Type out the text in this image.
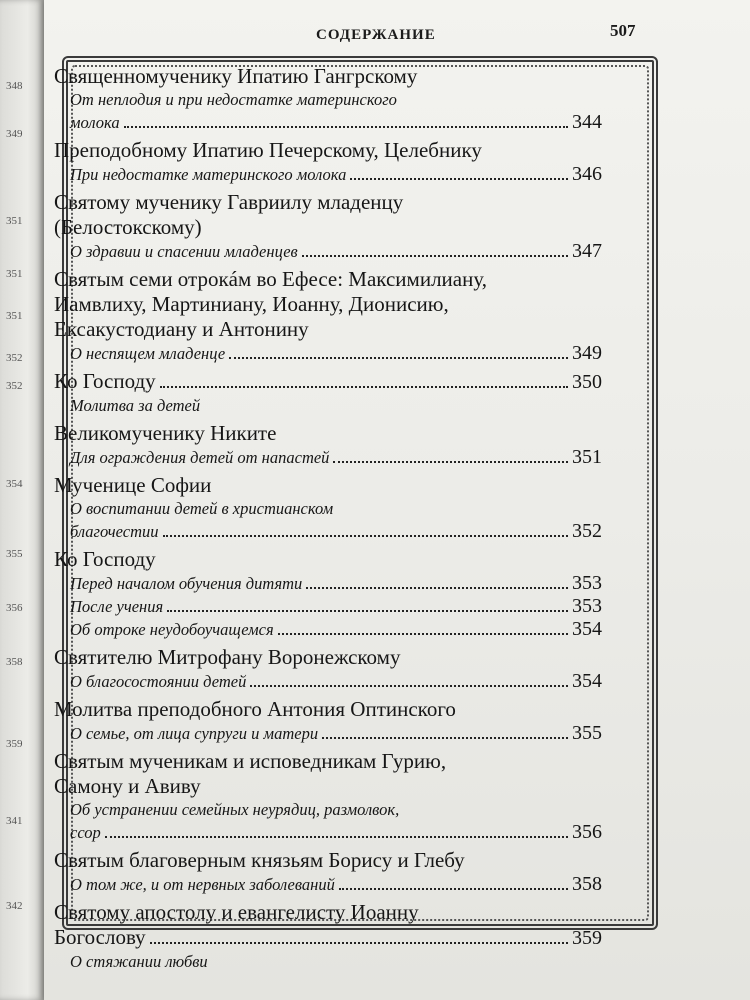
348
349
351
351
351
352
352
354
355
356
358
359
341
342
СОДЕРЖАНИЕ	507
Священномученику Ипатию Гангрскому
От неплодия и при недостатке материнского
молока	344
Преподобному Ипатию Печерскому, Целебнику
При недостатке материнского молока	346
Святому мученику Гавриилу младенцу
(Белостокскому)
О здравии и спасении младенцев	347
Святым семи отрокáм во Ефесе: Максимилиану,
Иамвлиху, Мартиниану, Иоанну, Дионисию,
Ексакустодиану и Антонину
О неспящем младенце	349
Ко Господу	350
Молитва за детей
Великомученику Никите
Для ограждения детей от напастей	351
Мученице Софии
О воспитании детей в христианском
благочестии	352
Ко Господу
Перед началом обучения дитяти	353
После учения	353
Об отроке неудобоучащемся	354
Святителю Митрофану Воронежскому
О благосостоянии детей	354
Молитва преподобного Антония Оптинского
О семье, от лица супруги и матери	355
Святым мученикам и исповедникам Гурию,
Самону и Авиву
Об устранении семейных неурядиц, размолвок,
ссор	356
Святым благоверным князьям Борису и Глебу
О том же, и от нервных заболеваний	358
Святому апостолу и евангелисту Иоанну
Богослову	359
О стяжании любви
